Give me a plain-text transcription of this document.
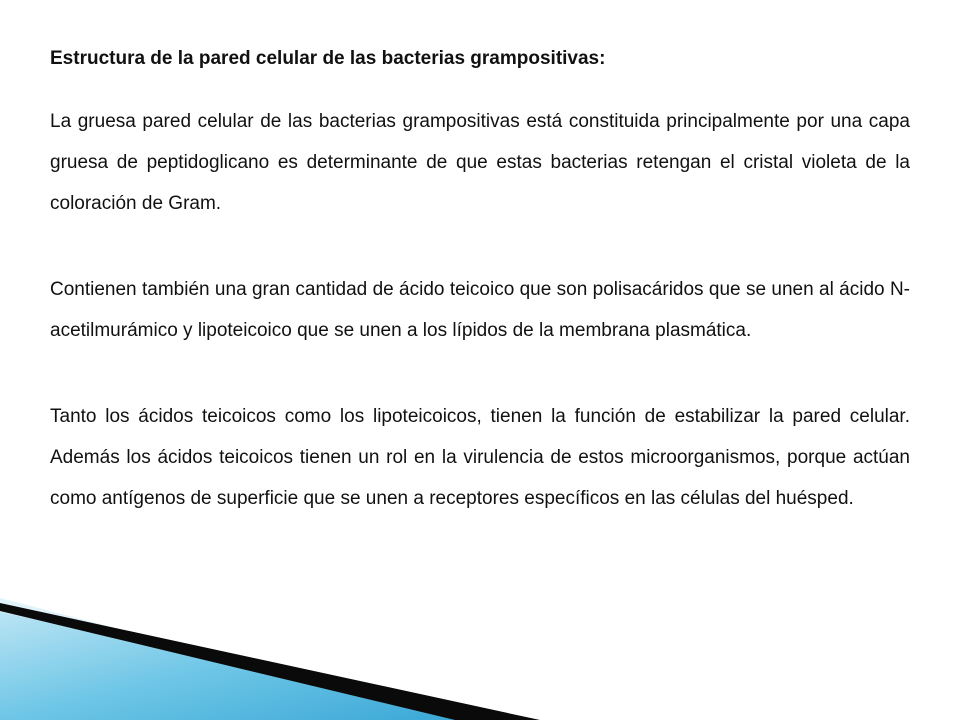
Estructura de la pared celular de las bacterias grampositivas:

La gruesa pared celular de las bacterias grampositivas está constituida principalmente por una capa gruesa de peptidoglicano es determinante de que estas bacterias retengan el cristal violeta de la coloración de Gram.

Contienen también una gran cantidad de ácido teicoico que son polisacáridos que se unen al ácido N-acetilmurámico y lipoteicoico que se unen a los lípidos de la membrana plasmática.

Tanto los ácidos teicoicos como los lipoteicoicos, tienen la función de estabilizar la pared celular. Además los ácidos teicoicos tienen un rol en la virulencia de estos microorganismos, porque actúan como antígenos de superficie que se unen a receptores específicos en las células del huésped.
